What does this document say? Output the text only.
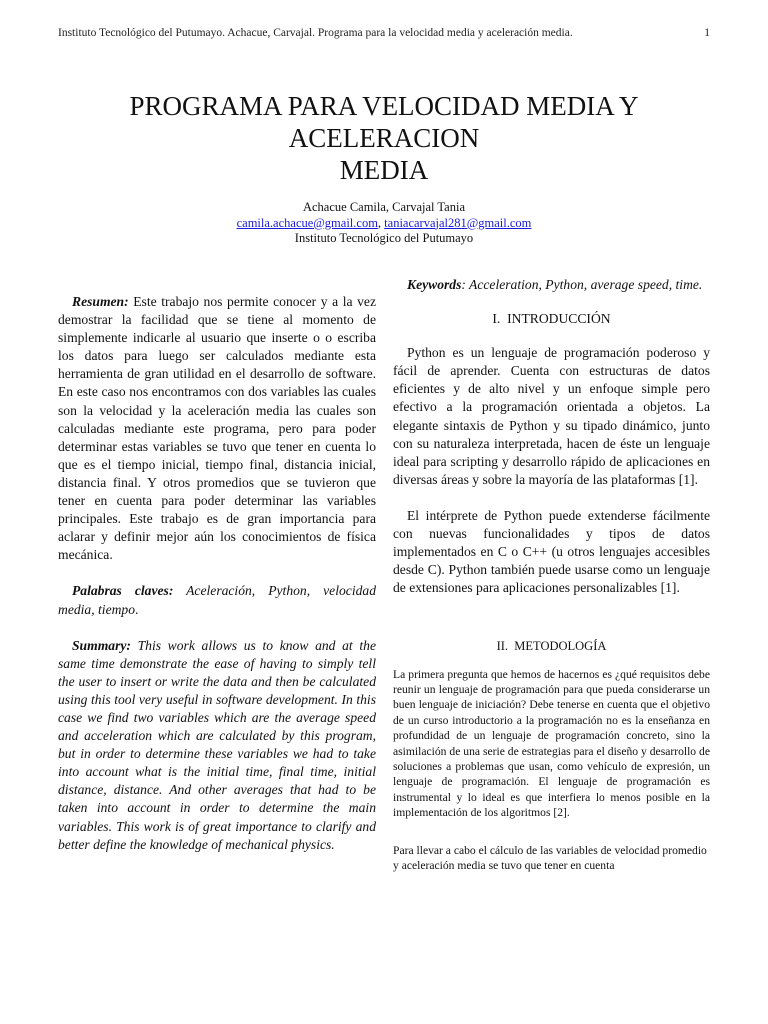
Instituto Tecnológico del Putumayo. Achacue, Carvajal. Programa para la velocidad media y aceleración media.	1
PROGRAMA PARA VELOCIDAD MEDIA Y
ACELERACION
MEDIA
Achacue Camila, Carvajal Tania
camila.achacue@gmail.com, taniacarvajal281@gmail.com
Instituto Tecnológico del Putumayo

Resumen: Este trabajo nos permite conocer y a la vez demostrar la facilidad que se tiene al momento de simplemente indicarle al usuario que inserte o o escriba los datos para luego ser calculados mediante esta herramienta de gran utilidad en el desarrollo de software. En este caso nos encontramos con dos variables las cuales son la velocidad y la aceleración media las cuales son calculadas mediante este programa, pero para poder determinar estas variables se tuvo que tener en cuenta lo que es el tiempo inicial, tiempo final, distancia inicial, distancia final. Y otros promedios que se tuvieron que tener en cuenta para poder determinar las variables principales. Este trabajo es de gran importancia para aclarar y definir mejor aún los conocimientos de física mecánica.

Palabras claves: Aceleración, Python, velocidad media, tiempo.

Summary: This work allows us to know and at the same time demonstrate the ease of having to simply tell the user to insert or write the data and then be calculated using this tool very useful in software development. In this case we find two variables which are the average speed and acceleration which are calculated by this program, but in order to determine these variables we had to take into account what is the initial time, final time, initial distance, distance. And other averages that had to be taken into account in order to determine the main variables. This work is of great importance to clarify and better define the knowledge of mechanical physics.

Keywords: Acceleration, Python, average speed, time.

I. INTRODUCCIÓN

Python es un lenguaje de programación poderoso y fácil de aprender. Cuenta con estructuras de datos eficientes y de alto nivel y un enfoque simple pero efectivo a la programación orientada a objetos. La elegante sintaxis de Python y su tipado dinámico, junto con su naturaleza interpretada, hacen de éste un lenguaje ideal para scripting y desarrollo rápido de aplicaciones en diversas áreas y sobre la mayoría de las plataformas [1].

El intérprete de Python puede extenderse fácilmente con nuevas funcionalidades y tipos de datos implementados en C o C++ (u otros lenguajes accesibles desde C). Python también puede usarse como un lenguaje de extensiones para aplicaciones personalizables [1].

II. METODOLOGÍA

La primera pregunta que hemos de hacernos es ¿qué requisitos debe reunir un lenguaje de programación para que pueda considerarse un buen lenguaje de iniciación? Debe tenerse en cuenta que el objetivo de un curso introductorio a la programación no es la enseñanza en profundidad de un lenguaje de programación concreto, sino la asimilación de una serie de estrategias para el diseño y desarrollo de soluciones a problemas que usan, como vehículo de expresión, un lenguaje de programación. El lenguaje de programación es instrumental y lo ideal es que interfiera lo menos posible en la implementación de los algoritmos [2].

Para llevar a cabo el cálculo de las variables de velocidad promedio y aceleración media se tuvo que tener en cuenta
